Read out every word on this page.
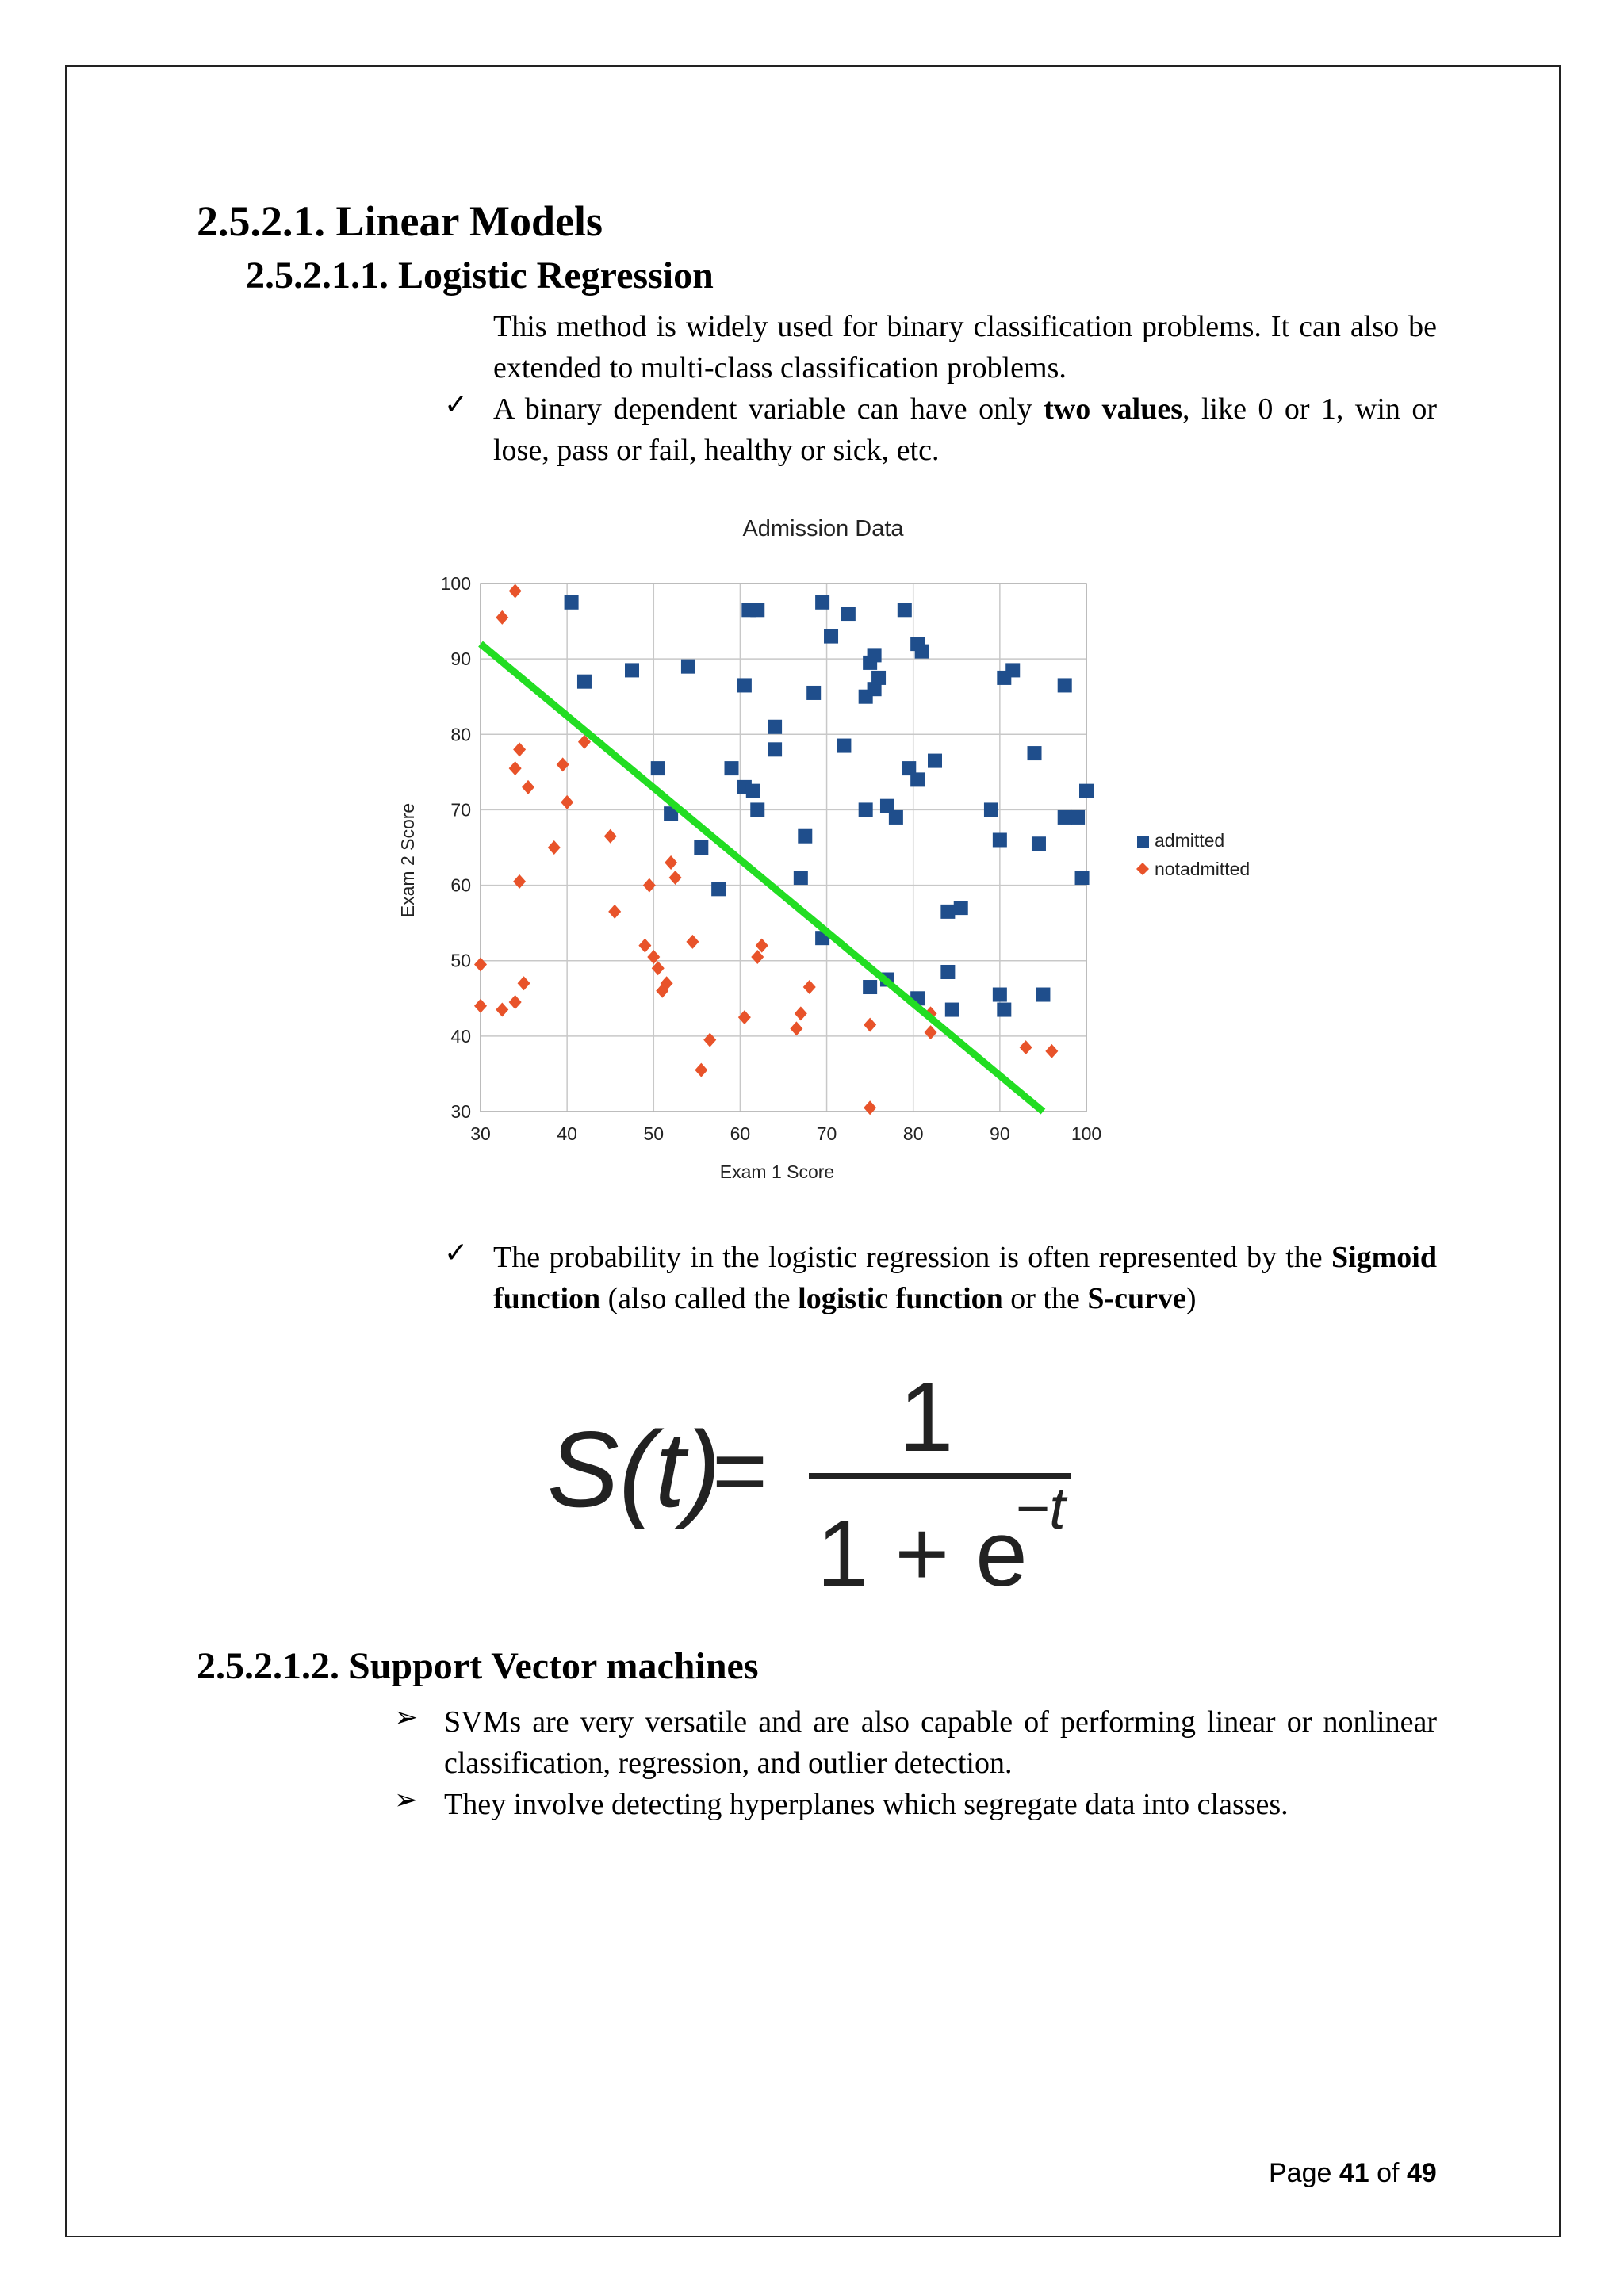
2.5.2.1. Linear Models
2.5.2.1.1. Logistic Regression
This method is widely used for binary classification problems. It can also be extended to multi-class classification problems.
✓ A binary dependent variable can have only two values, like 0 or 1, win or lose, pass or fail, healthy or sick, etc.
Admission Data
30
40
50
60
70
80
90
100
30	40	50	60	70	80	90	100
Exam 1 Score
Exam 2 Score	admitted
notadmitted
✓ The probability in the logistic regression is often represented by the Sigmoid function (also called the logistic function or the S-curve)
S(t)
= 1
1 + e
−t
2.5.2.1.2. Support Vector machines
➢ SVMs are very versatile and are also capable of performing linear or nonlinear classification, regression, and outlier detection.
➢ They involve detecting hyperplanes which segregate data into classes.
Page 41 of 49
